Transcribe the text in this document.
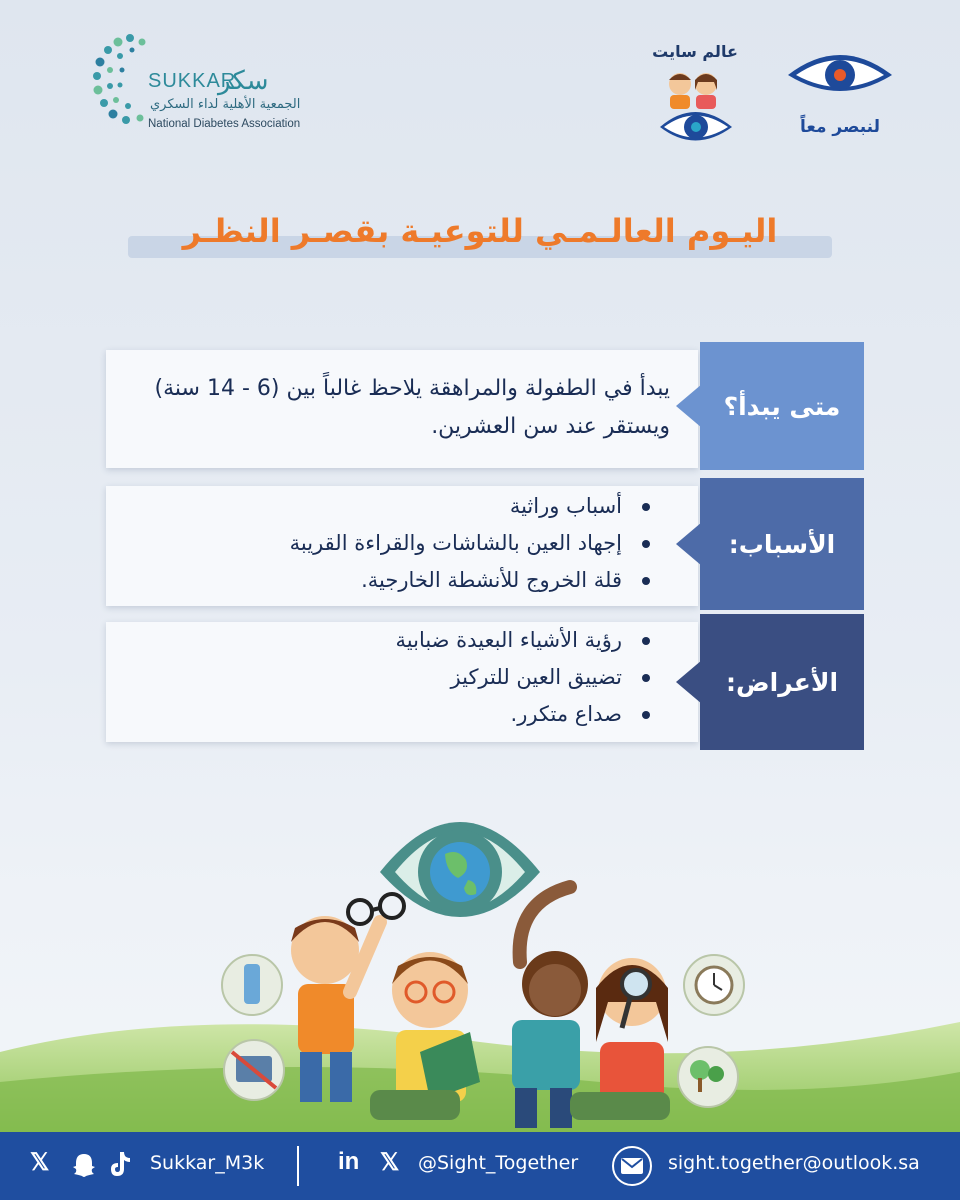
SUKKAR
سكر
الجمعية الأهلية لداء السكري
National Diabetes Association
عالم سايت
لنبصر معاً
اليـوم العالـمـي للتوعيـة بقصـر النظـر
يبدأ في الطفولة والمراهقة يلاحظ غالباً بين (6 - 14 سنة) ويستقر عند سن العشرين.
متى يبدأ؟
أسباب وراثية
إجهاد العين بالشاشات والقراءة القريبة
قلة الخروج للأنشطة الخارجية.
الأسباب:
رؤية الأشياء البعيدة ضبابية
تضييق العين للتركيز
صداع متكرر.
الأعراض:
𝕏	Sukkar_M3k	in 𝕏 @Sight_Together	sight.together@outlook.sa
